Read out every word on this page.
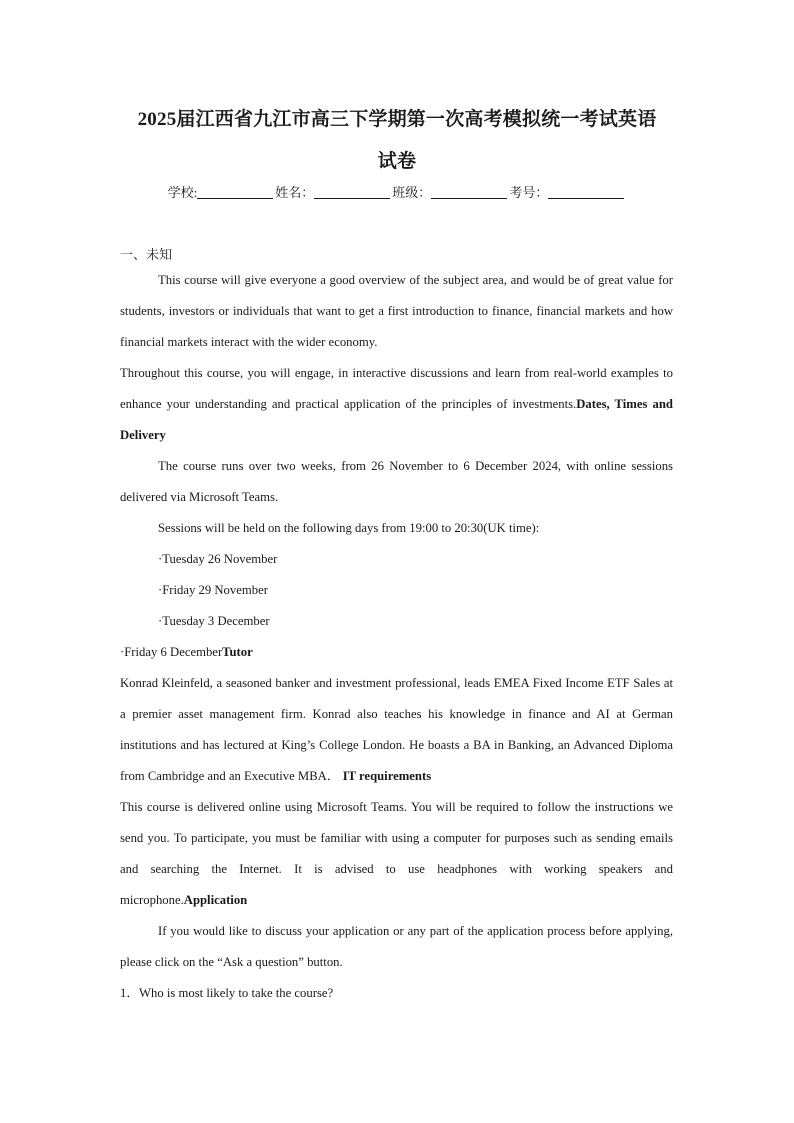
2025届江西省九江市高三下学期第一次高考模拟统一考试英语
试卷
学校:	姓名：	班级：	考号：
一、未知

This course will give everyone a good overview of the subject area, and would be of great value for students, investors or individuals that want to get a first introduction to finance, financial markets and how financial markets interact with the wider economy.

Throughout this course, you will engage, in interactive discussions and learn from real-world examples to enhance your understanding and practical application of the principles of investments.Dates, Times and Delivery

The course runs over two weeks, from 26 November to 6 December 2024, with online sessions delivered via Microsoft Teams.

Sessions will be held on the following days from 19:00 to 20:30(UK time):

·Tuesday 26 November

·Friday 29 November

·Tuesday 3 December

·Friday 6 DecemberTutor

Konrad Kleinfeld, a seasoned banker and investment professional, leads EMEA Fixed Income ETF Sales at a premier asset management firm. Konrad also teaches his knowledge in finance and AI at German institutions and has lectured at King’s College London. He boasts a BA in Banking, an Advanced Diploma from Cambridge and an Executive MBA． IT requirements

This course is delivered online using Microsoft Teams. You will be required to follow the instructions we send you. To participate, you must be familiar with using a computer for purposes such as sending emails and searching the Internet. It is advised to use headphones with working speakers and microphone.Application

If you would like to discuss your application or any part of the application process before applying, please click on the “Ask a question” button.

1．Who is most likely to take the course?
